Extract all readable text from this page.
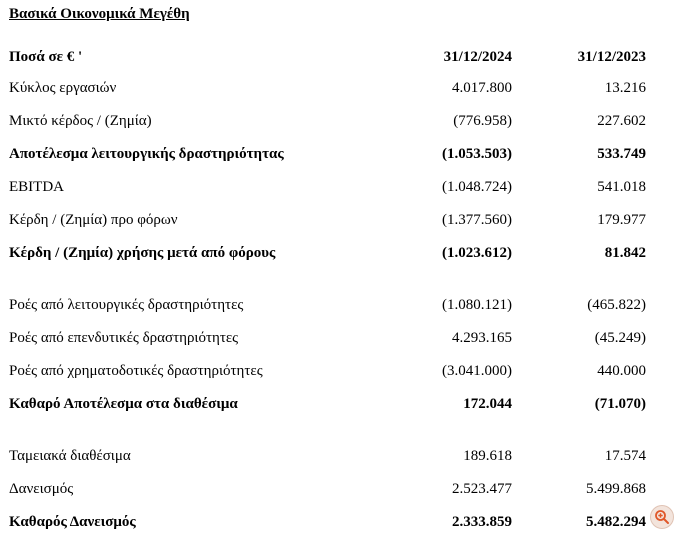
Βασικά Οικονομικά Μεγέθη
Ποσά σε € '	31/12/2024	31/12/2023
Κύκλος εργασιών	4.017.800	13.216
Μικτό κέρδος / (Ζημία)	(776.958)	227.602
Αποτέλεσμα λειτουργικής δραστηριότητας	(1.053.503)	533.749
EBITDA	(1.048.724)	541.018
Κέρδη / (Ζημία) προ φόρων	(1.377.560)	179.977
Κέρδη / (Ζημία) χρήσης μετά από φόρους	(1.023.612)	81.842

Ροές από λειτουργικές δραστηριότητες	(1.080.121)	(465.822)
Ροές από επενδυτικές δραστηριότητες	4.293.165	(45.249)
Ροές από χρηματοδοτικές δραστηριότητες	(3.041.000)	440.000
Καθαρό Αποτέλεσμα στα διαθέσιμα	172.044	(71.070)

Ταμειακά διαθέσιμα	189.618	17.574
Δανεισμός	2.523.477	5.499.868
Καθαρός Δανεισμός	2.333.859	5.482.294
